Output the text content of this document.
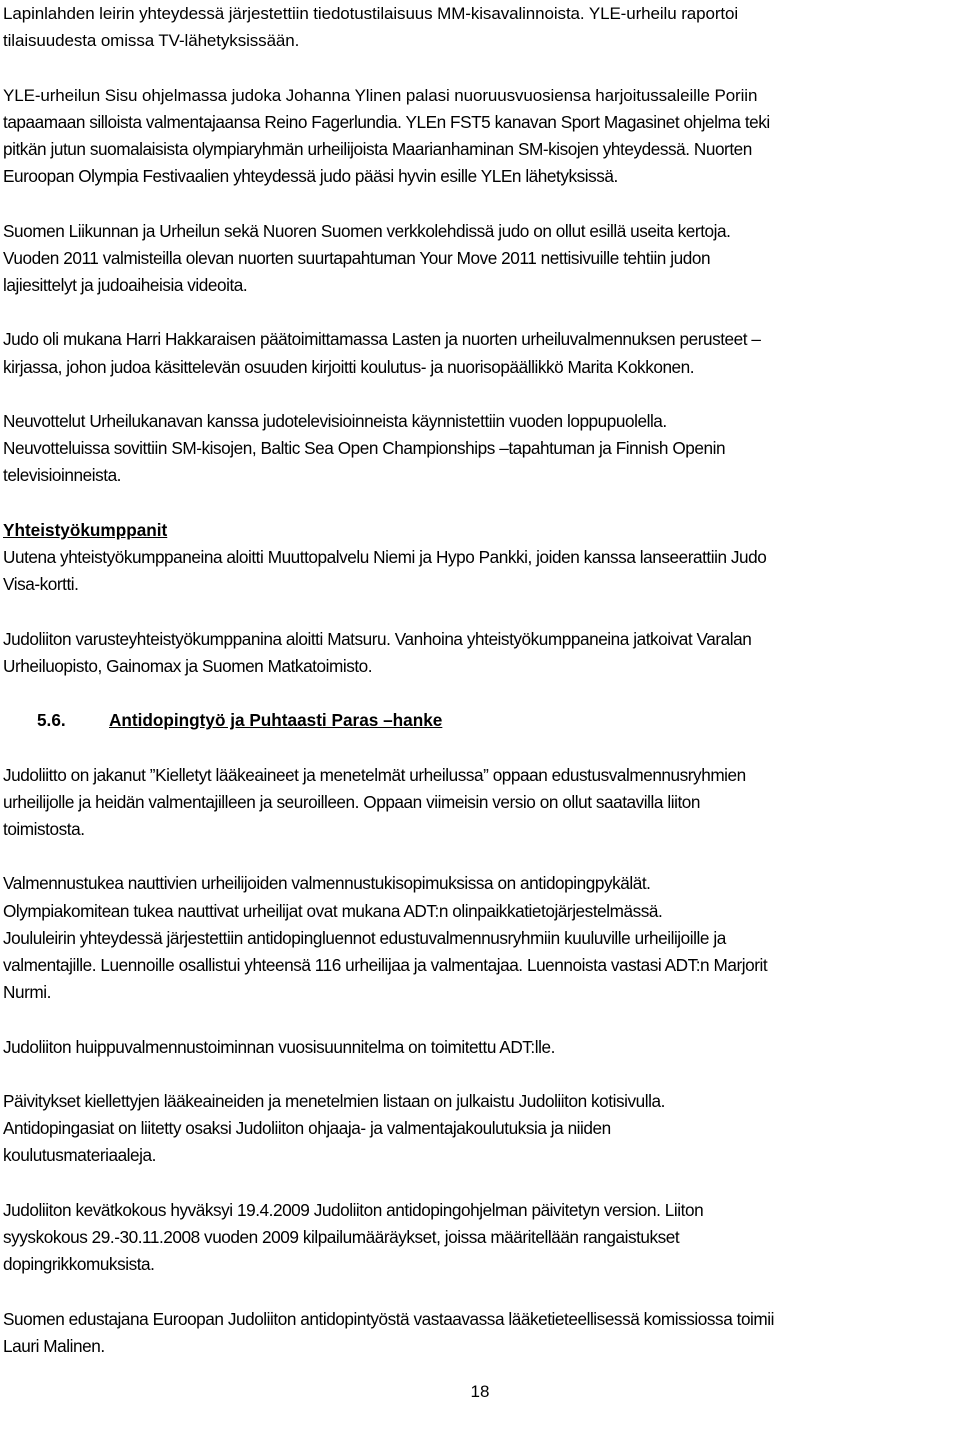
Lapinlahden leirin yhteydessä järjestettiin tiedotustilaisuus MM-kisavalinnoista. YLE-urheilu raportoi
tilaisuudesta omissa TV-lähetyksissään.
YLE-urheilun Sisu ohjelmassa judoka Johanna Ylinen palasi nuoruusvuosiensa harjoitussaleille Poriin
tapaamaan silloista valmentajaansa Reino Fagerlundia. YLEn FST5 kanavan Sport Magasinet ohjelma teki
pitkän jutun suomalaisista olympiaryhmän urheilijoista Maarianhaminan SM-kisojen yhteydessä. Nuorten
Euroopan Olympia Festivaalien yhteydessä judo pääsi hyvin esille YLEn lähetyksissä.
Suomen Liikunnan ja Urheilun sekä Nuoren Suomen verkkolehdissä judo on ollut esillä useita kertoja.
Vuoden 2011 valmisteilla olevan nuorten suurtapahtuman Your Move 2011 nettisivuille tehtiin judon
lajiesittelyt ja judoaiheisia videoita.
Judo oli mukana Harri Hakkaraisen päätoimittamassa Lasten ja nuorten urheiluvalmennuksen perusteet –
kirjassa, johon judoa käsittelevän osuuden kirjoitti koulutus- ja nuorisopäällikkö Marita Kokkonen.
Neuvottelut Urheilukanavan kanssa judotelevisioinneista käynnistettiin vuoden loppupuolella.
Neuvotteluissa sovittiin SM-kisojen, Baltic Sea Open Championships –tapahtuman ja Finnish Openin
televisioinneista.
Yhteistyökumppanit
Uutena yhteistyökumppaneina aloitti Muuttopalvelu Niemi ja Hypo Pankki, joiden kanssa lanseerattiin Judo
Visa-kortti.
Judoliiton varusteyhteistyökumppanina aloitti Matsuru. Vanhoina yhteistyökumppaneina jatkoivat Varalan
Urheiluopisto, Gainomax ja Suomen Matkatoimisto.
5.6.	Antidopingtyö ja Puhtaasti Paras –hanke
Judoliitto on jakanut ”Kielletyt lääkeaineet ja menetelmät urheilussa” oppaan edustusvalmennusryhmien
urheilijolle ja heidän valmentajilleen ja seuroilleen. Oppaan viimeisin versio on ollut saatavilla liiton
toimistosta.
Valmennustukea nauttivien urheilijoiden valmennustukisopimuksissa on antidopingpykälät.
Olympiakomitean tukea nauttivat urheilijat ovat mukana ADT:n olinpaikkatietojärjestelmässä.
Joululeirin yhteydessä järjestettiin antidopingluennot edustuvalmennusryhmiin kuuluville urheilijoille ja
valmentajille. Luennoille osallistui yhteensä 116 urheilijaa ja valmentajaa. Luennoista vastasi ADT:n Marjorit
Nurmi.
Judoliiton huippuvalmennustoiminnan vuosisuunnitelma on toimitettu ADT:lle.
Päivitykset kiellettyjen lääkeaineiden ja menetelmien listaan on julkaistu Judoliiton kotisivulla.
Antidopingasiat on liitetty osaksi Judoliiton ohjaaja- ja valmentajakoulutuksia ja niiden
koulutusmateriaaleja.
Judoliiton kevätkokous hyväksyi 19.4.2009 Judoliiton antidopingohjelman päivitetyn version. Liiton
syyskokous 29.-30.11.2008 vuoden 2009 kilpailumääräykset, joissa määritellään rangaistukset
dopingrikkomuksista.
Suomen edustajana Euroopan Judoliiton antidopintyöstä vastaavassa lääketieteellisessä komissiossa toimii
Lauri Malinen.
18
